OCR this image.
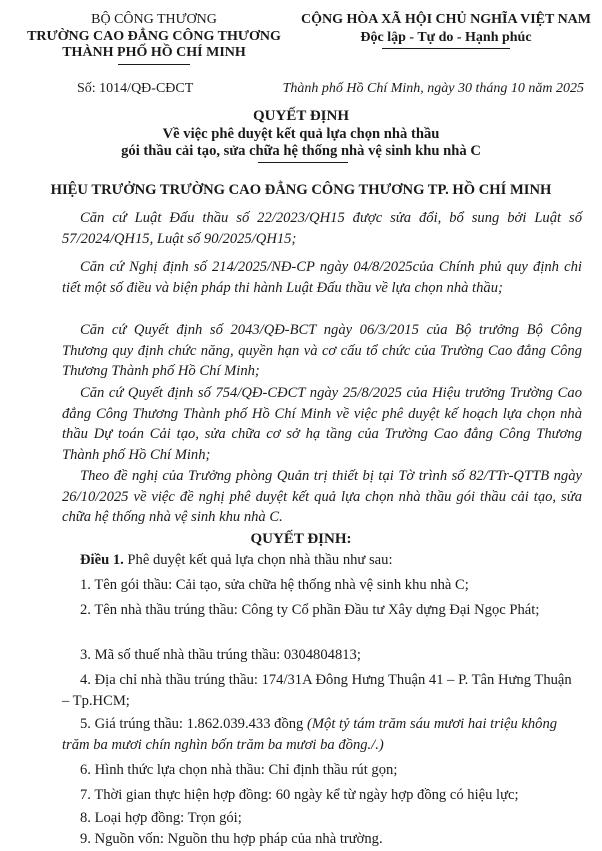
BỘ CÔNG THƯƠNG
TRƯỜNG CAO ĐẲNG CÔNG THƯƠNG
THÀNH PHỐ HỒ CHÍ MINH
CỘNG HÒA XÃ HỘI CHỦ NGHĨA VIỆT NAM
Độc lập - Tự do - Hạnh phúc
Số: 1014/QĐ-CĐCT	Thành phố Hồ Chí Minh, ngày 30 tháng 10 năm 2025
QUYẾT ĐỊNH
Về việc phê duyệt kết quả lựa chọn nhà thầu
gói thầu cải tạo, sửa chữa hệ thống nhà vệ sinh khu nhà C
HIỆU TRƯỞNG TRƯỜNG CAO ĐẲNG CÔNG THƯƠNG TP. HỒ CHÍ MINH
Căn cứ Luật Đấu thầu số 22/2023/QH15 được sửa đổi, bổ sung bởi Luật số 57/2024/QH15, Luật số 90/2025/QH15;
Căn cứ Nghị định số 214/2025/NĐ-CP ngày 04/8/2025của Chính phủ quy định chi tiết một số điều và biện pháp thi hành Luật Đấu thầu về lựa chọn nhà thầu;
Căn cứ Quyết định số 2043/QĐ-BCT ngày 06/3/2015 của Bộ trưởng Bộ Công Thương quy định chức năng, quyền hạn và cơ cấu tổ chức của Trường Cao đẳng Công Thương Thành phố Hồ Chí Minh;
Căn cứ Quyết định số 754/QĐ-CĐCT ngày 25/8/2025 của Hiệu trưởng Trường Cao đẳng Công Thương Thành phố Hồ Chí Minh về việc phê duyệt kế hoạch lựa chọn nhà thầu Dự toán Cải tạo, sửa chữa cơ sở hạ tầng của Trường Cao đẳng Công Thương Thành phố Hồ Chí Minh;
Theo đề nghị của Trưởng phòng Quản trị thiết bị tại Tờ trình số 82/TTr-QTTB ngày 26/10/2025 về việc đề nghị phê duyệt kết quả lựa chọn nhà thầu gói thầu cải tạo, sửa chữa hệ thống nhà vệ sinh khu nhà C.
QUYẾT ĐỊNH:
Điều 1. Phê duyệt kết quả lựa chọn nhà thầu như sau:
1. Tên gói thầu: Cải tạo, sửa chữa hệ thống nhà vệ sinh khu nhà C;
2. Tên nhà thầu trúng thầu: Công ty Cổ phần Đầu tư Xây dựng Đại Ngọc Phát;
3. Mã số thuế nhà thầu trúng thầu: 0304804813;
4. Địa chỉ nhà thầu trúng thầu: 174/31A Đông Hưng Thuận 41 – P. Tân Hưng Thuận – Tp.HCM;
5. Giá trúng thầu: 1.862.039.433 đồng (Một tỷ tám trăm sáu mươi hai triệu không trăm ba mươi chín nghìn bốn trăm ba mươi ba đồng./.)
6. Hình thức lựa chọn nhà thầu: Chỉ định thầu rút gọn;
7. Thời gian thực hiện hợp đồng: 60 ngày kể từ ngày hợp đồng có hiệu lực;
8. Loại hợp đồng: Trọn gói;
9. Nguồn vốn: Nguồn thu hợp pháp của nhà trường.
